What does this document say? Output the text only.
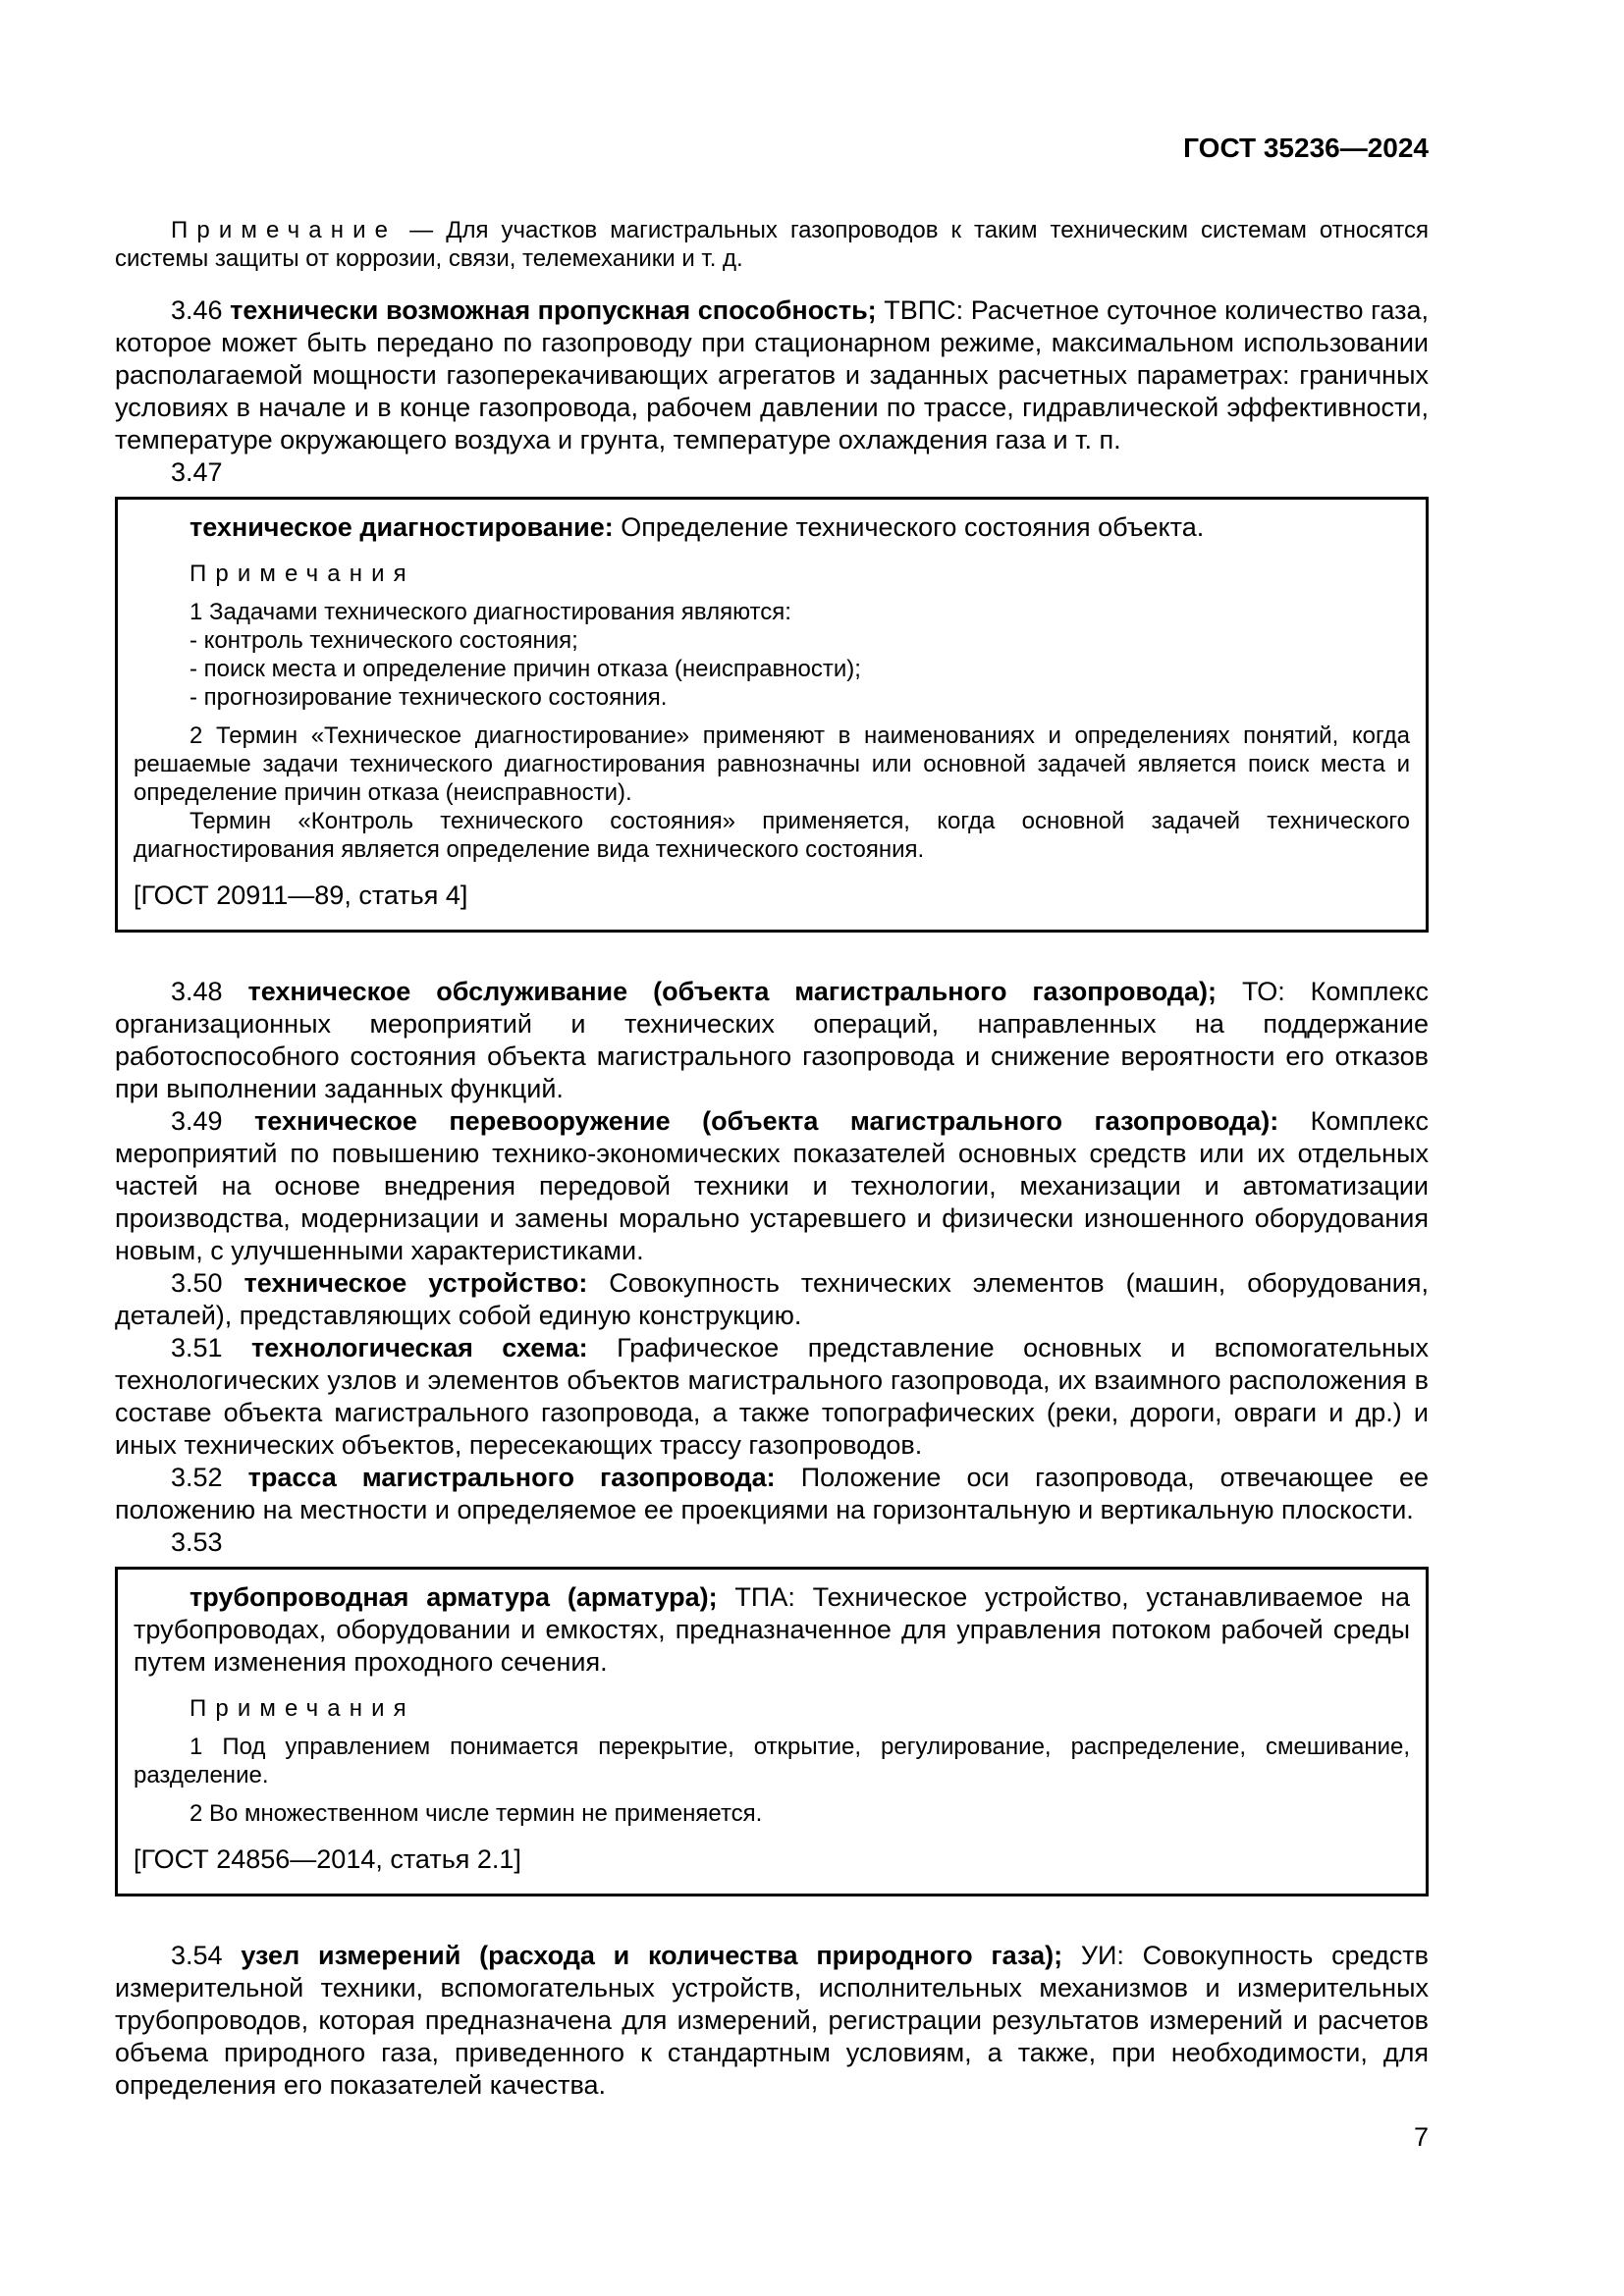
ГОСТ 35236—2024

Примечание — Для участков магистральных газопроводов к таким техническим системам относятся системы защиты от коррозии, связи, телемеханики и т. д.

3.46 технически возможная пропускная способность; ТВПС: Расчетное суточное количество газа, которое может быть передано по газопроводу при стационарном режиме, максимальном использовании располагаемой мощности газоперекачивающих агрегатов и заданных расчетных параметрах: граничных условиях в начале и в конце газопровода, рабочем давлении по трассе, гидравлической эффективности, температуре окружающего воздуха и грунта, температуре охлаждения газа и т. п.

3.47

техническое диагностирование: Определение технического состояния объекта.

Примечания

1 Задачами технического диагностирования являются:

- контроль технического состояния;

- поиск места и определение причин отказа (неисправности);

- прогнозирование технического состояния.

2 Термин «Техническое диагностирование» применяют в наименованиях и определениях понятий, когда решаемые задачи технического диагностирования равнозначны или основной задачей является поиск места и определение причин отказа (неисправности).

Термин «Контроль технического состояния» применяется, когда основной задачей технического диагностирования является определение вида технического состояния.

[ГОСТ 20911—89, статья 4]

3.48 техническое обслуживание (объекта магистрального газопровода); ТО: Комплекс организационных мероприятий и технических операций, направленных на поддержание работоспособного состояния объекта магистрального газопровода и снижение вероятности его отказов при выполнении заданных функций.

3.49 техническое перевооружение (объекта магистрального газопровода): Комплекс мероприятий по повышению технико-экономических показателей основных средств или их отдельных частей на основе внедрения передовой техники и технологии, механизации и автоматизации производства, модернизации и замены морально устаревшего и физически изношенного оборудования новым, с улучшенными характеристиками.

3.50 техническое устройство: Совокупность технических элементов (машин, оборудования, деталей), представляющих собой единую конструкцию.

3.51 технологическая схема: Графическое представление основных и вспомогательных технологических узлов и элементов объектов магистрального газопровода, их взаимного расположения в составе объекта магистрального газопровода, а также топографических (реки, дороги, овраги и др.) и иных технических объектов, пересекающих трассу газопроводов.

3.52 трасса магистрального газопровода: Положение оси газопровода, отвечающее ее положению на местности и определяемое ее проекциями на горизонтальную и вертикальную плоскости.

3.53

трубопроводная арматура (арматура); ТПА: Техническое устройство, устанавливаемое на трубопроводах, оборудовании и емкостях, предназначенное для управления потоком рабочей среды путем изменения проходного сечения.

Примечания

1 Под управлением понимается перекрытие, открытие, регулирование, распределение, смешивание, разделение.

2 Во множественном числе термин не применяется.

[ГОСТ 24856—2014, статья 2.1]

3.54 узел измерений (расхода и количества природного газа); УИ: Совокупность средств измерительной техники, вспомогательных устройств, исполнительных механизмов и измерительных трубопроводов, которая предназначена для измерений, регистрации результатов измерений и расчетов объема природного газа, приведенного к стандартным условиям, а также, при необходимости, для определения его показателей качества.

7
